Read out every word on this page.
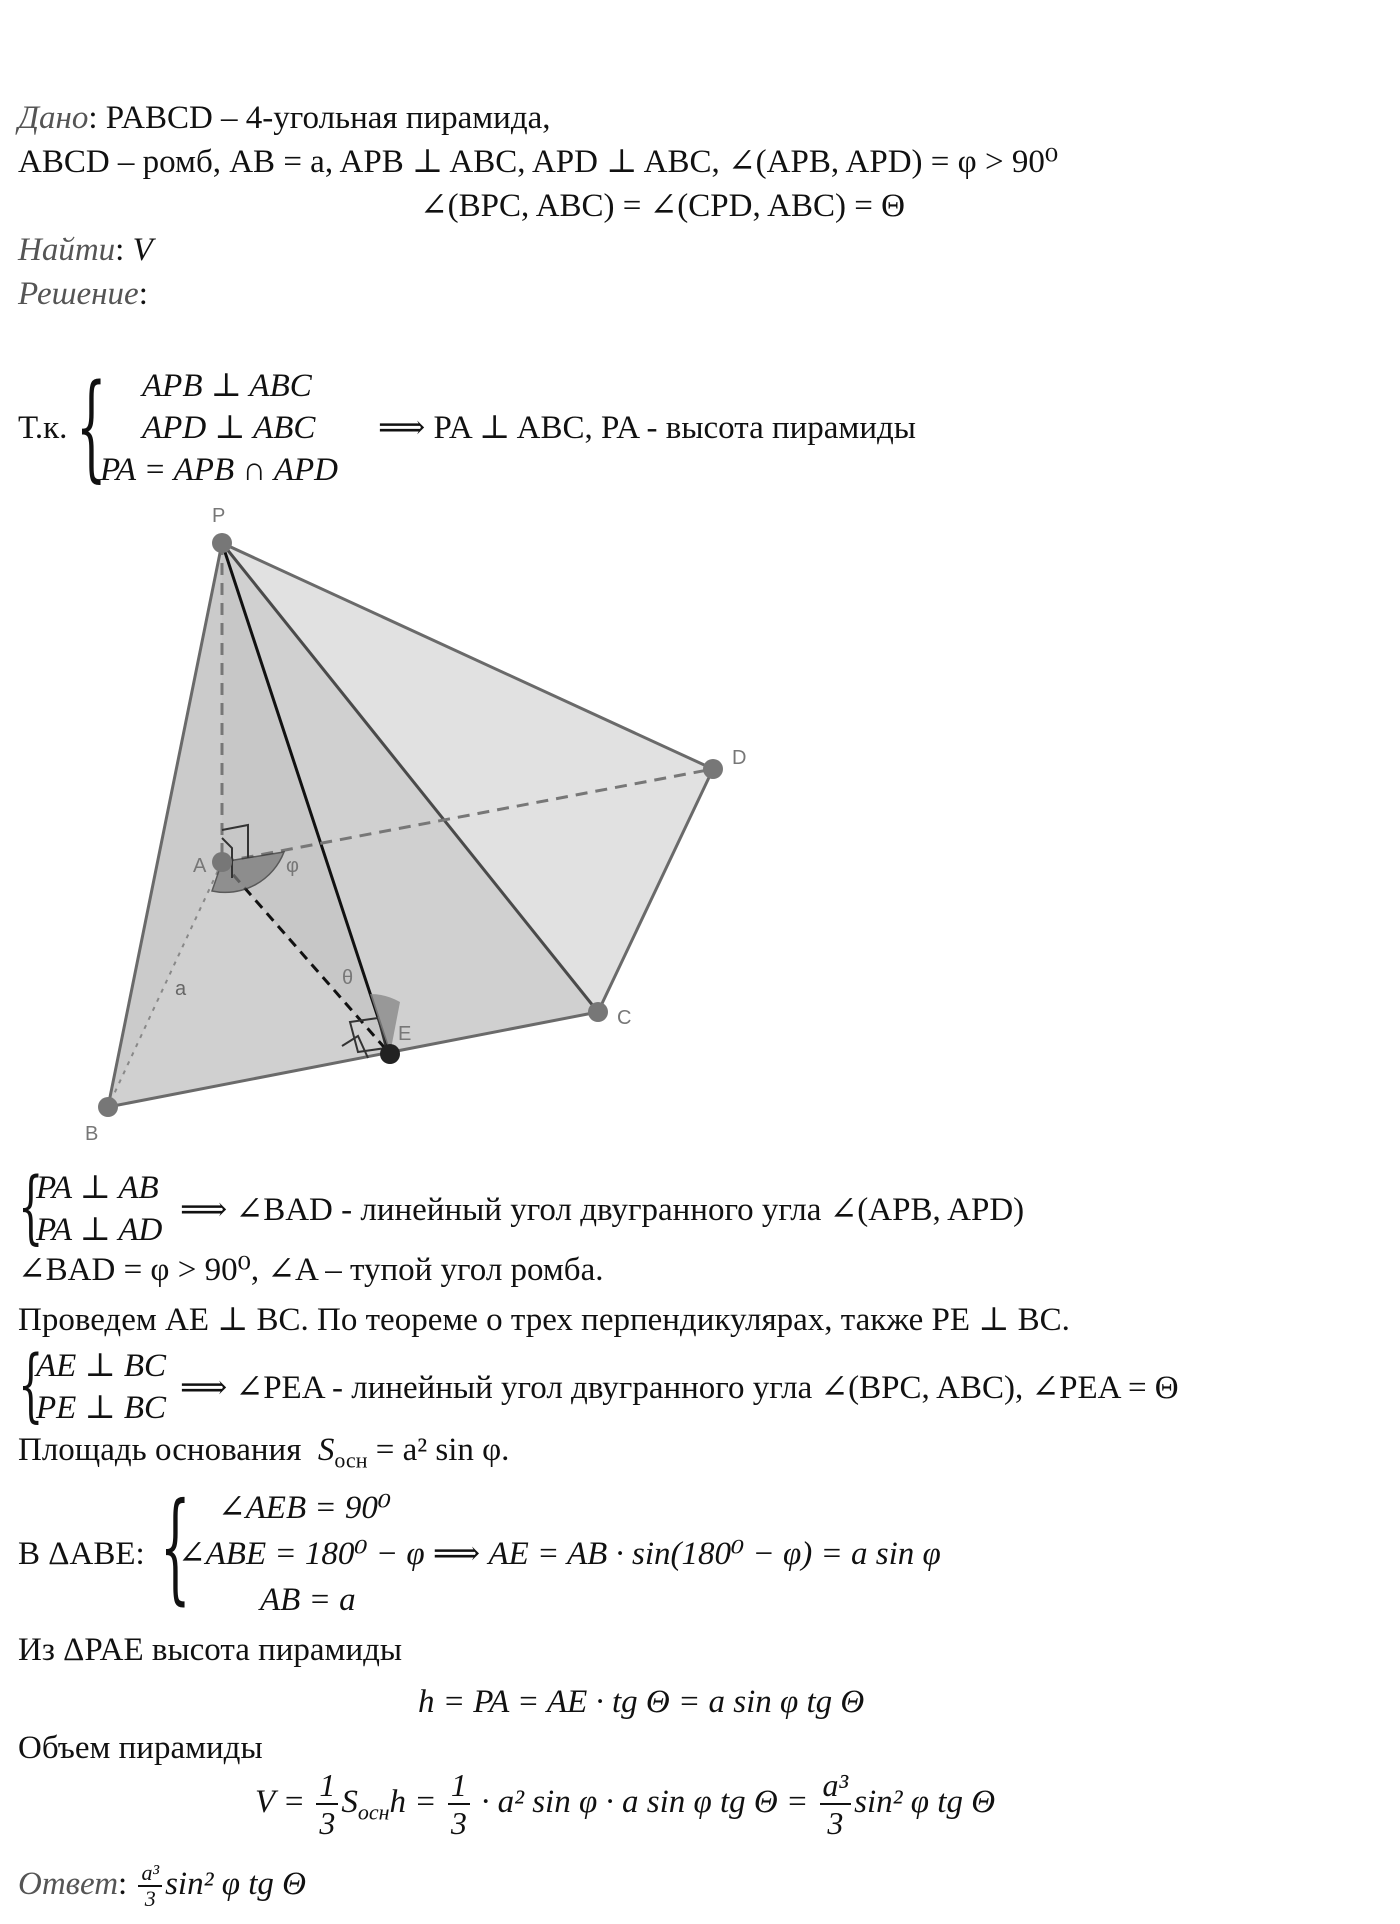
Дано: PABCD – 4-угольная пирамида,
ABCD – ромб, AB = a, APB ⊥ ABC, APD ⊥ ABC, ∠(APB, APD) = φ > 90⁰
∠(BPC, ABC) = ∠(CPD, ABC) = Θ
Найти: V
Решение:
Т.к. { APB ⊥ ABC
APD ⊥ ABC
PA = APB ∩ APD
⟹ PA ⊥ ABC, PA - высота пирамиды
P
D
A	φ
a	θ
E
C
B
{
PA ⊥ AB
PA ⊥ AD
⟹ ∠BAD - линейный угол двугранного угла ∠(APB, APD)
∠BAD = φ > 90⁰, ∠A – тупой угол ромба.
Проведем AE ⊥ BC. По теореме о трех перпендикулярах, также PE ⊥ BC.
{
AE ⊥ BC
PE ⊥ BC
⟹ ∠PEA - линейный угол двугранного угла ∠(BPC, ABC), ∠PEA = Θ
Площадь основания $S_{осн} = a^2$ sin φ.
В ΔABE: { ∠AEB = 90⁰
∠ABE = 180⁰ − φ ⟹ AE = AB · sin(180⁰ − φ) = a sin φ
AB = a
Из ΔPAE высота пирамиды
h = PA = AE · tg Θ = a sin φ tg Θ
Объем пирамиды
$V = \frac{1}{3} S_{осн}h = \frac{1}{3} \cdot a^2$ sin φ · a sin φ tg $\Theta = \frac{\text{a³}}{3} \sin^2$ φ tg Θ
Ответ: $\frac{\text{a³}}{3} \sin^2$ φ tg Θ
